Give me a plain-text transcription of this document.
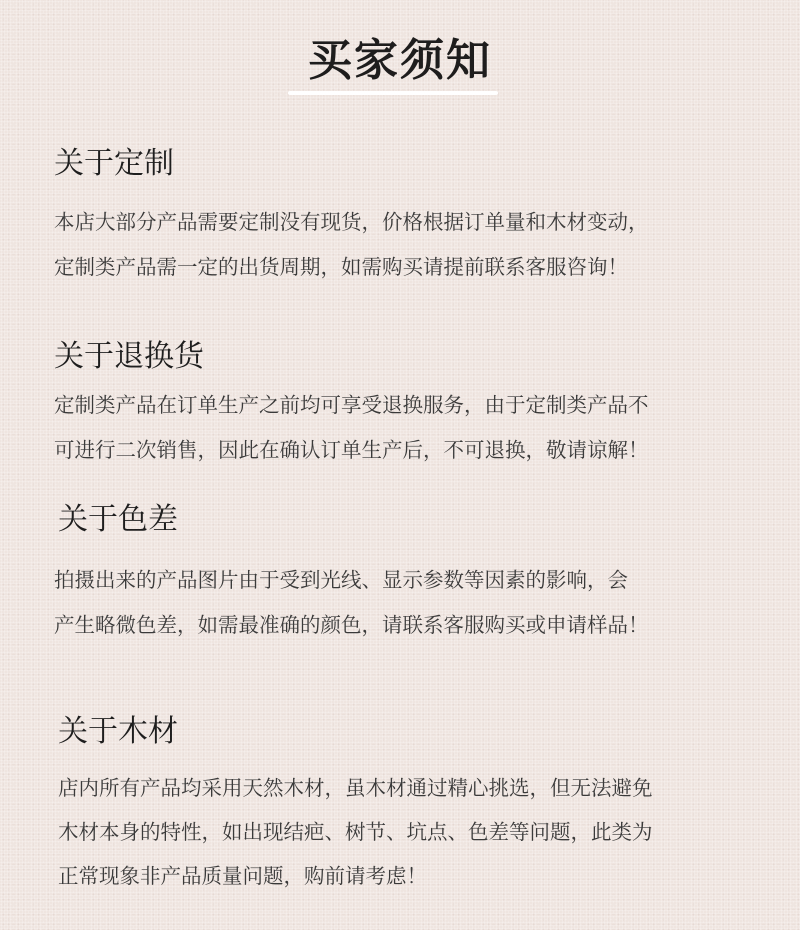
买家须知
关于定制
本店大部分产品需要定制没有现货，价格根据订单量和木材变动，
定制类产品需一定的出货周期，如需购买请提前联系客服咨询！
关于退换货
定制类产品在订单生产之前均可享受退换服务，由于定制类产品不
可进行二次销售，因此在确认订单生产后，不可退换，敬请谅解！
关于色差
拍摄出来的产品图片由于受到光线、显示参数等因素的影响，会
产生略微色差，如需最准确的颜色，请联系客服购买或申请样品！
关于木材
店内所有产品均采用天然木材，虽木材通过精心挑选，但无法避免
木材本身的特性，如出现结疤、树节、坑点、色差等问题，此类为
正常现象非产品质量问题，购前请考虑！
